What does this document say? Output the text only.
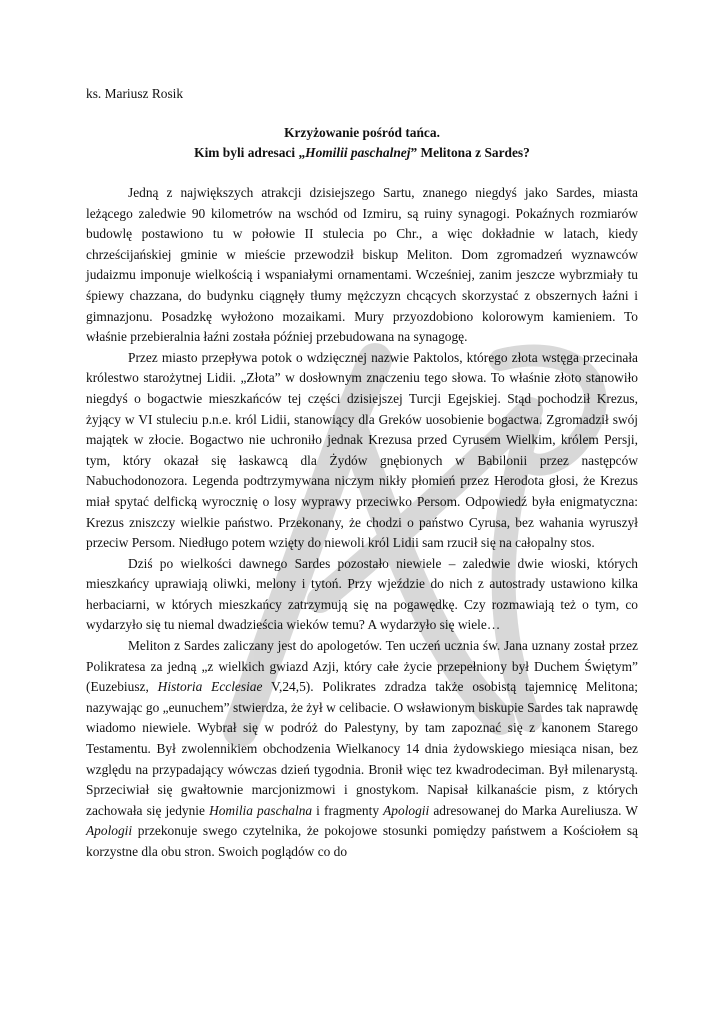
ks. Mariusz Rosik

Krzyżowanie pośród tańca.

Kim byli adresaci „Homilii paschalnej” Melitona z Sardes?

Jedną z największych atrakcji dzisiejszego Sartu, znanego niegdyś jako Sardes, miasta leżącego zaledwie 90 kilometrów na wschód od Izmiru, są ruiny synagogi. Pokaźnych rozmiarów budowlę postawiono tu w połowie II stulecia po Chr., a więc dokładnie w latach, kiedy chrześcijańskiej gminie w mieście przewodził biskup Meliton. Dom zgromadzeń wyznawców judaizmu imponuje wielkością i wspaniałymi ornamentami. Wcześniej, zanim jeszcze wybrzmiały tu śpiewy chazzana, do budynku ciągnęły tłumy mężczyzn chcących skorzystać z obszernych łaźni i gimnazjonu. Posadzkę wyłożono mozaikami. Mury przyozdobiono kolorowym kamieniem. To właśnie przebieralnia łaźni została później przebudowana na synagogę.

Przez miasto przepływa potok o wdzięcznej nazwie Paktolos, którego złota wstęga przecinała królestwo starożytnej Lidii. „Złota” w dosłownym znaczeniu tego słowa. To właśnie złoto stanowiło niegdyś o bogactwie mieszkańców tej części dzisiejszej Turcji Egejskiej. Stąd pochodził Krezus, żyjący w VI stuleciu p.n.e. król Lidii, stanowiący dla Greków uosobienie bogactwa. Zgromadził swój majątek w złocie. Bogactwo nie uchroniło jednak Krezusa przed Cyrusem Wielkim, królem Persji, tym, który okazał się łaskawcą dla Żydów gnębionych w Babilonii przez następców Nabuchodonozora. Legenda podtrzymywana niczym nikły płomień przez Herodota głosi, że Krezus miał spytać delficką wyrocznię o losy wyprawy przeciwko Persom. Odpowiedź była enigmatyczna: Krezus zniszczy wielkie państwo. Przekonany, że chodzi o państwo Cyrusa, bez wahania wyruszył przeciw Persom. Niedługo potem wzięty do niewoli król Lidii sam rzucił się na całopalny stos.

Dziś po wielkości dawnego Sardes pozostało niewiele – zaledwie dwie wioski, których mieszkańcy uprawiają oliwki, melony i tytoń. Przy wjeździe do nich z autostrady ustawiono kilka herbaciarni, w których mieszkańcy zatrzymują się na pogawędkę. Czy rozmawiają też o tym, co wydarzyło się tu niemal dwadzieścia wieków temu? A wydarzyło się wiele…

Meliton z Sardes zaliczany jest do apologetów. Ten uczeń ucznia św. Jana uznany został przez Polikratesa za jedną „z wielkich gwiazd Azji, który całe życie przepełniony był Duchem Świętym” (Euzebiusz, Historia Ecclesiae V,24,5). Polikrates zdradza także osobistą tajemnicę Melitona; nazywając go „eunuchem” stwierdza, że żył w celibacie. O wsławionym biskupie Sardes tak naprawdę wiadomo niewiele. Wybrał się w podróż do Palestyny, by tam zapoznać się z kanonem Starego Testamentu. Był zwolennikiem obchodzenia Wielkanocy 14 dnia żydowskiego miesiąca nisan, bez względu na przypadający wówczas dzień tygodnia. Bronił więc tez kwadrodeciman. Był milenarystą. Sprzeciwiał się gwałtownie marcjonizmowi i gnostykom. Napisał kilkanaście pism, z których zachowała się jedynie Homilia paschalna i fragmenty Apologii adresowanej do Marka Aureliusza. W Apologii przekonuje swego czytelnika, że pokojowe stosunki pomiędzy państwem a Kościołem są korzystne dla obu stron. Swoich poglądów co do
